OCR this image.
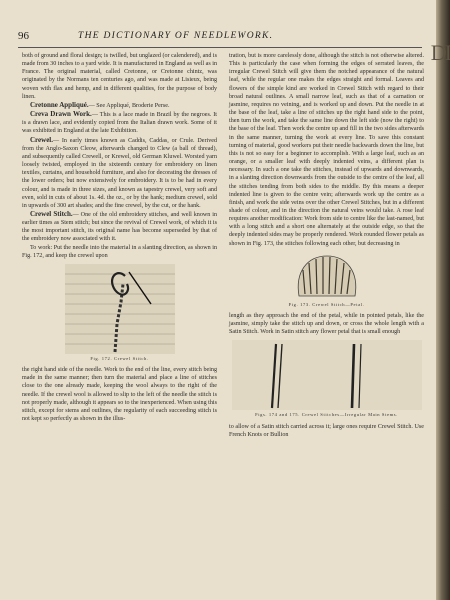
96	THE DICTIONARY OF NEEDLEWORK.

both of ground and floral design; is twilled, but unglazed (or calendered), and is made from 30 inches to a yard wide. It is manufactured in England as well as in France. The original material, called Cretonne, or Cretonne chintz, was originated by the Normans ten centuries ago, and was made at Lisieux, being woven with flax and hemp, and in different qualities, for the purpose of body linen.

Cretonne Appliqué.— See Appliqué, Broderie Perse.

Creva Drawn Work.— This is a lace made in Brazil by the negroes. It is a drawn lace, and evidently copied from the Italian drawn work. Some of it was exhibited in England at the late Exhibition.

Crewel.— In early times known as Caddis, Caddas, or Crule. Derived from the Anglo-Saxon Cleow, afterwards changed to Clew (a ball of thread), and subsequently called Crewell, or Krewel, old German Kluwel. Worsted yarn loosely twisted, employed in the sixteenth century for embroidery on linen textiles, curtains, and household furniture, and also for decorating the dresses of the lower orders; but now extensively for embroidery. It is to be had in every colour, and is made in three sizes, and known as tapestry crewel, very soft and even, sold in cuts of about 1s. 4d. the oz., or by the hank; medium crewel, sold in upwards of 300 art shades; and the fine crewel, by the cut, or the hank.

Crewel Stitch.— One of the old embroidery stitches, and well known in earlier times as Stem stitch; but since the revival of Crewel work, of which it is the most important stitch, its original name has become superseded by that of the embroidery now associated with it.

To work: Put the needle into the material in a slanting direction, as shown in Fig. 172, and keep the crewel upon

Fig. 172. Crewel Stitch.

the right hand side of the needle. Work to the end of the line, every stitch being made in the same manner; then turn the material and place a line of stitches close to the one already made, keeping the wool always to the right of the needle. If the crewel wool is allowed to slip to the left of the needle the stitch is not properly made, although it appears so to the inexperienced. When using this stitch, except for stems and outlines, the regularity of each succeeding stitch is not kept so perfectly as shown in the illus-

tration, but is more carelessly done, although the stitch is not otherwise altered. This is particularly the case when forming the edges of serrated leaves, the irregular Crewel Stitch will give them the notched appearance of the natural leaf, while the regular one makes the edges straight and formal. Leaves and flowers of the simple kind are worked in Crewel Stitch with regard to their broad natural outlines. A small narrow leaf, such as that of a carnation or jasmine, requires no veining, and is worked up and down. Put the needle in at the base of the leaf, take a line of stitches up the right hand side to the point, then turn the work, and take the same line down the left side (now the right) to the base of the leaf. Then work the centre up and fill in the two sides afterwards in the same manner, turning the work at every line. To save this constant turning of material, good workers put their needle backwards down the line, but this is not so easy for a beginner to accomplish. With a large leaf, such as an orange, or a smaller leaf with deeply indented veins, a different plan is necessary. In such a one take the stitches, instead of upwards and downwards, in a slanting direction downwards from the outside to the centre of the leaf, all the stitches tending from both sides to the middle. By this means a deeper indented line is given to the centre vein; afterwards work up the centre as a finish, and work the side veins over the other Crewel Stitches, but in a different shade of colour, and in the direction the natural veins would take. A rose leaf requires another modification: Work from side to centre like the last-named, but with a long stitch and a short one alternately at the outside edge, so that the deeply indented sides may be properly rendered. Work rounded flower petals as shown in Fig. 173, the stitches following each other, but decreasing in

Fig. 173. Crewel Stitch—Petal.

length as they approach the end of the petal, while in pointed petals, like the jasmine, simply take the stitch up and down, or cross the whole length with a Satin Stitch. Work in Satin stitch any flower petal that is small enough

Figs. 174 and 175. Crewel Stitches—Irregular Main Stems.

to allow of a Satin stitch carried across it; large ones require Crewel Stitch. Use French Knots or Bullion

DI
